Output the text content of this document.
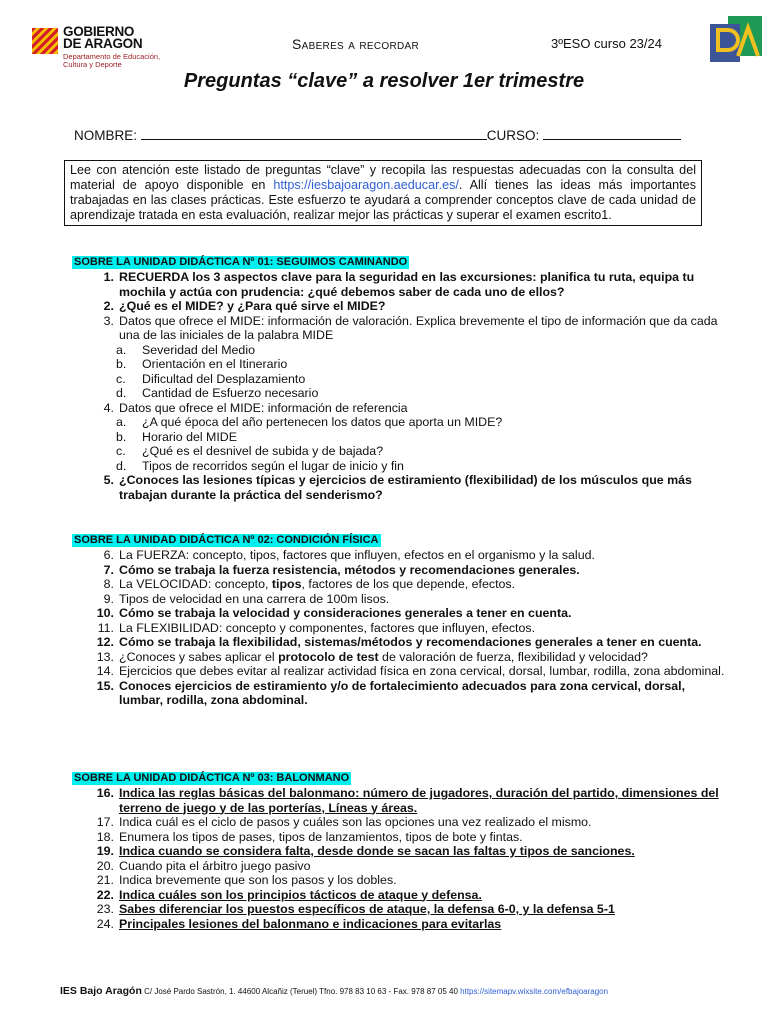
GOBIERNO
DE ARAGON
Departamento de Educación,
Cultura y Deporte
Saberes a recordar	3ºESO curso 23/24
Preguntas “clave” a resolver 1er trimestre
NOMBRE:	CURSO:
Lee con atención este listado de preguntas “clave” y recopila las respuestas adecuadas con la consulta del material de apoyo disponible en https://iesbajoaragon.aeducar.es/. Allí tienes las ideas más importantes trabajadas en las clases prácticas. Este esfuerzo te ayudará a comprender conceptos clave de cada unidad de aprendizaje tratada en esta evaluación, realizar mejor las prácticas y superar el examen escrito1.
SOBRE LA UNIDAD DIDÁCTICA Nº 01: SEGUIMOS CAMINANDO
1. RECUERDA los 3 aspectos clave para la seguridad en las excursiones: planifica tu ruta, equipa tu mochila y actúa con prudencia: ¿qué debemos saber de cada uno de ellos?
2. ¿Qué es el MIDE? y ¿Para qué sirve el MIDE?
3. Datos que ofrece el MIDE: información de valoración. Explica brevemente el tipo de información que da cada una de las iniciales de la palabra MIDE
a.	Severidad del Medio
b.	Orientación en el Itinerario
c.	Dificultad del Desplazamiento
d.	Cantidad de Esfuerzo necesario
4. Datos que ofrece el MIDE: información de referencia
a.	¿A qué época del año pertenecen los datos que aporta un MIDE?
b.	Horario del MIDE
c.	¿Qué es el desnivel de subida y de bajada?
d.	Tipos de recorridos según el lugar de inicio y fin
5. ¿Conoces las lesiones típicas y ejercicios de estiramiento (flexibilidad) de los músculos que más trabajan durante la práctica del senderismo?
SOBRE LA UNIDAD DIDÁCTICA Nº 02: CONDICIÓN FÍSICA
6. La FUERZA: concepto, tipos, factores que influyen, efectos en el organismo y la salud.
7. Cómo se trabaja la fuerza resistencia, métodos y recomendaciones generales.
8. La VELOCIDAD: concepto, tipos, factores de los que depende, efectos.
9. Tipos de velocidad en una carrera de 100m lisos.
10. Cómo se trabaja la velocidad y consideraciones generales a tener en cuenta.
11. La FLEXIBILIDAD: concepto y componentes, factores que influyen, efectos.
12. Cómo se trabaja la flexibilidad, sistemas/métodos y recomendaciones generales a tener en cuenta.
13. ¿Conoces y sabes aplicar el protocolo de test de valoración de fuerza, flexibilidad y velocidad?
14. Ejercicios que debes evitar al realizar actividad física en zona cervical, dorsal, lumbar, rodilla, zona abdominal.
15. Conoces ejercicios de estiramiento y/o de fortalecimiento adecuados para zona cervical, dorsal, lumbar, rodilla, zona abdominal.
SOBRE LA UNIDAD DIDÁCTICA Nº 03: BALONMANO
16. Indica las reglas básicas del balonmano: número de jugadores, duración del partido, dimensiones del terreno de juego y de las porterías, Líneas y áreas.
17. Indica cuál es el ciclo de pasos y cuáles son las opciones una vez realizado el mismo.
18. Enumera los tipos de pases, tipos de lanzamientos, tipos de bote y fintas.
19. Indica cuando se considera falta, desde donde se sacan las faltas y tipos de sanciones.
20. Cuando pita el árbitro juego pasivo
21. Indica brevemente que son los pasos y los dobles.
22. Indica cuáles son los principios tácticos de ataque y defensa.
23. Sabes diferenciar los puestos específicos de ataque, la defensa 6-0, y la defensa 5-1
24. Principales lesiones del balonmano e indicaciones para evitarlas
IES Bajo Aragón C/ José Pardo Sastrón, 1. 44600 Alcañiz (Teruel) Tfno. 978 83 10 63 - Fax. 978 87 05 40 https://sitemapv.wixsite.com/efbajoaragon
